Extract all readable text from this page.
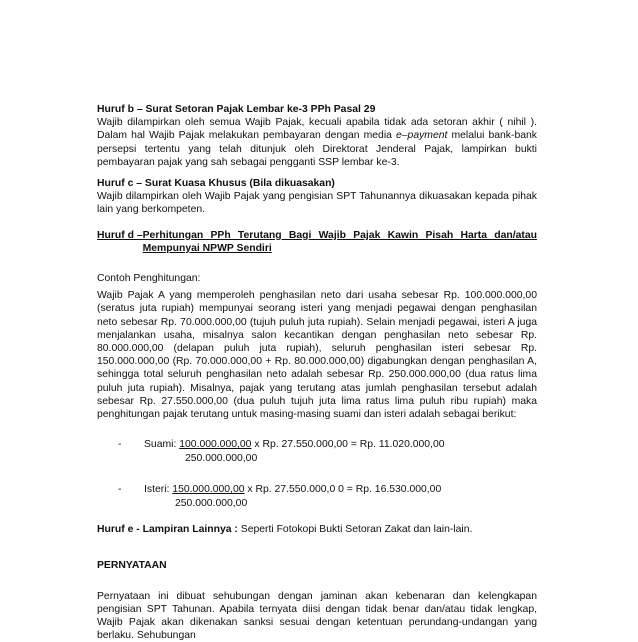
Huruf b – Surat Setoran Pajak Lembar ke-3 PPh Pasal 29

Wajib dilampirkan oleh semua Wajib Pajak, kecuali apabila tidak ada setoran akhir ( nihil ). Dalam hal Wajib Pajak melakukan pembayaran dengan media e–payment melalui bank-bank persepsi tertentu yang telah ditunjuk oleh Direktorat Jenderal Pajak, lampirkan bukti pembayaran pajak yang sah sebagai pengganti SSP lembar ke-3.

Huruf c – Surat Kuasa Khusus (Bila dikuasakan)

Wajib dilampirkan oleh Wajib Pajak yang pengisian SPT Tahunannya dikuasakan kepada pihak lain yang berkompeten.

Huruf d – Perhitungan PPh Terutang Bagi Wajib Pajak Kawin Pisah Harta dan/atau Mempunyai NPWP Sendiri

Contoh Penghitungan:

Wajib Pajak A yang memperoleh penghasilan neto dari usaha sebesar Rp. 100.000.000,00 (seratus juta rupiah) mempunyai seorang isteri yang menjadi pegawai dengan penghasilan neto sebesar Rp. 70.000.000,00 (tujuh puluh juta rupiah). Selain menjadi pegawai, isteri A juga menjalankan usaha, misalnya salon kecantikan dengan penghasilan neto sebesar Rp. 80.000.000,00 (delapan puluh juta rupiah), seluruh penghasilan isteri sebesar Rp. 150.000.000,00 (Rp. 70.000.000,00 + Rp. 80.000.000,00) digabungkan dengan penghasilan A, sehingga total seluruh penghasilan neto adalah sebesar Rp. 250.000.000,00 (dua ratus lima puluh juta rupiah). Misalnya, pajak yang terutang atas jumlah penghasilan tersebut adalah sebesar Rp. 27.550.000,00 (dua puluh tujuh juta lima ratus lima puluh ribu rupiah) maka penghitungan pajak terutang untuk masing-masing suami dan isteri adalah sebagai berikut:

- Suami: 100.000.000,00 x Rp. 27.550.000,00 = Rp. 11.020.000,00
250.000.000,00
- Isteri: 150.000.000,00 x Rp. 27.550.000,0 0 = Rp. 16.530.000,00
250.000.000,00

Huruf e - Lampiran Lainnya : Seperti Fotokopi Bukti Setoran Zakat dan lain-lain.

PERNYATAAN

Pernyataan ini dibuat sehubungan dengan jaminan akan kebenaran dan kelengkapan pengisian SPT Tahunan. Apabila ternyata diisi dengan tidak benar dan/atau tidak lengkap, Wajib Pajak akan dikenakan sanksi sesuai dengan ketentuan perundang-undangan yang berlaku. Sehubungan
